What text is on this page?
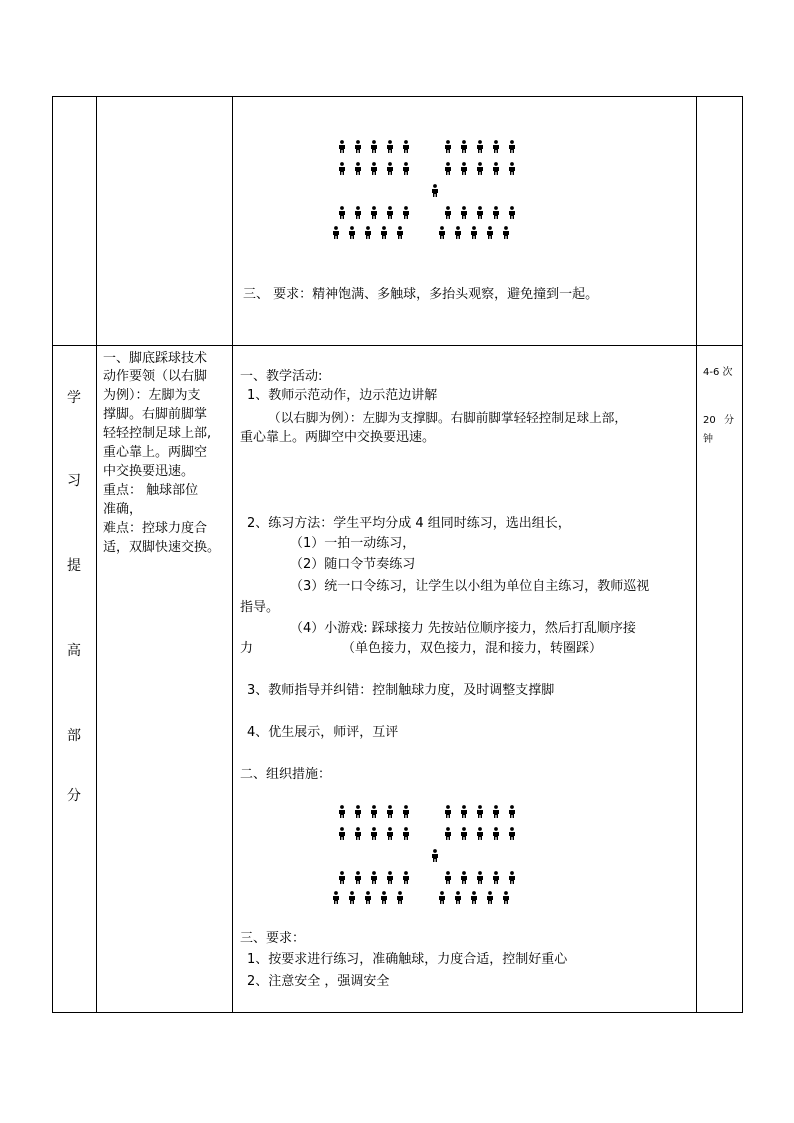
三、 要求：精神饱满、多触球，多抬头观察，避免撞到一起。
学
习
提
高
部
分
一、脚底踩球技术
动作要领（以右脚
为例）：左脚为支
撑脚。右脚前脚掌
轻轻控制足球上部,
重心靠上。两脚空
中交换要迅速。
重点： 触球部位
准确，
难点：控球力度合
适，双脚快速交换。
一、教学活动:
1、教师示范动作，边示范边讲解
（以右脚为例）：左脚为支撑脚。右脚前脚掌轻轻控制足球上部，
重心靠上。两脚空中交换要迅速。
2、练习方法：学生平均分成 4 组同时练习，选出组长，
（1）一拍一动练习，
（2）随口令节奏练习
（3）统一口令练习，让学生以小组为单位自主练习，教师巡视
指导。
（4）小游戏: 踩球接力 先按站位顺序接力，然后打乱顺序接
力	（单色接力，双色接力，混和接力，转圈踩）
3、教师指导并纠错：控制触球力度，及时调整支撑脚
4、优生展示，师评，互评
二、组织措施：
三、要求：
1、按要求进行练习，准确触球，力度合适，控制好重心
2、注意安全 ，强调安全
4-6 次
20 分
钟
